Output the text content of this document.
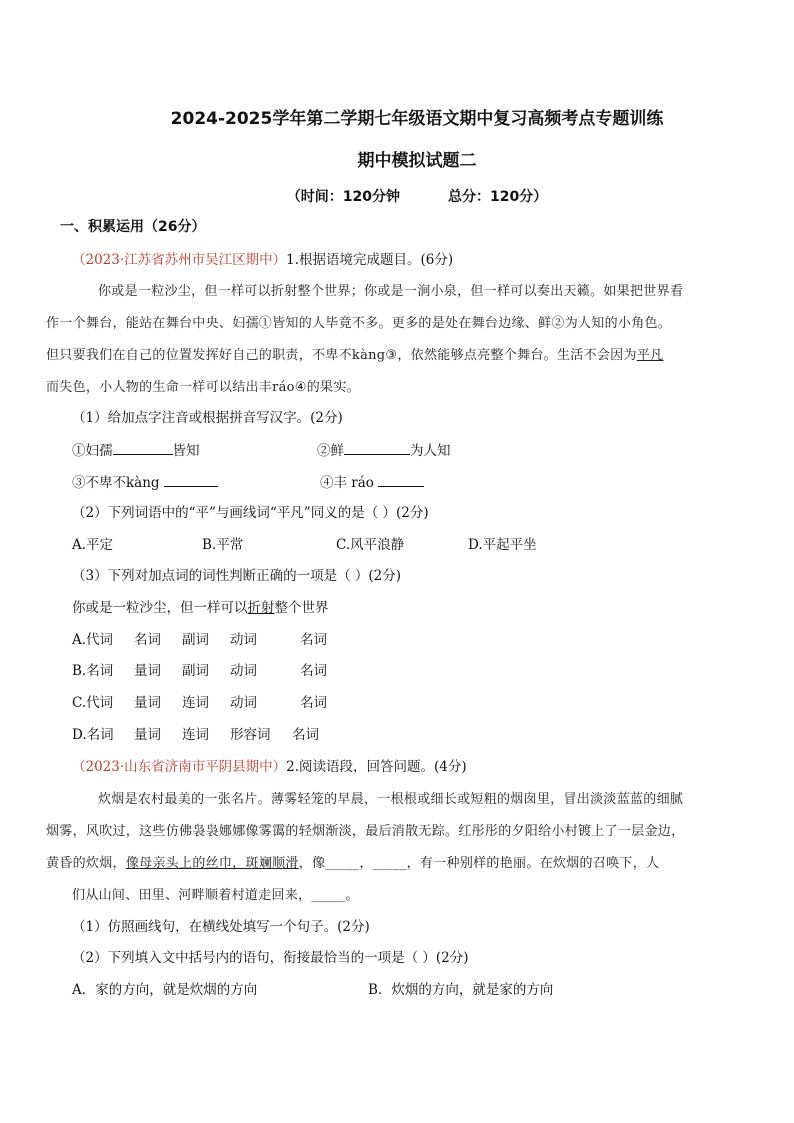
2024-2025学年第二学期七年级语文期中复习高频考点专题训练
期中模拟试题二
（时间：120分钟	总分：120分）
一、积累运用（26分）
（2023·江苏省苏州市吴江区期中）1.根据语境完成题目。(6分)
你或是一粒沙尘，但一样可以折射整个世界；你或是一涧小泉，但一样可以奏出天籁。如果把世界看
作一个舞台，能站在舞台中央、妇孺①皆知的人毕竟不多。更多的是处在舞台边缘、鲜②为人知的小角色。
但只要我们在自己的位置发挥好自己的职责，不卑不kàng③，依然能够点亮整个舞台。生活不会因为平凡
而失色，小人物的生命一样可以结出丰ráo④的果实。
（1）给加点字注音或根据拼音写汉字。(2分)
①妇孺	皆知	②鲜	为人知
③不卑不kàng	④丰 ráo
（2）下列词语中的“平”与画线词“平凡”同义的是（ ）(2分)
A.平定	B.平常	C.风平浪静	D.平起平坐
（3）下列对加点词的词性判断正确的一项是（ ）(2分)
你或是一粒沙尘，但一样可以折射整个世界
A.代词 名词 副词 动词	名词
B.名词 量词 副词 动词	名词
C.代词 量词 连词 动词	名词
D.名词 量词 连词 形容词 名词
（2023·山东省济南市平阴县期中）2.阅读语段，回答问题。(4分)
炊烟是农村最美的一张名片。薄雾轻笼的早晨，一根根或细长或短粗的烟囱里，冒出淡淡蓝蓝的细腻
烟雾，风吹过，这些仿佛袅袅娜娜像雾霭的轻烟渐淡，最后消散无踪。红彤彤的夕阳给小村镀上了一层金边，
黄昏的炊烟，像母亲头上的丝巾，斑斓顺滑，像_____，_____，有一种别样的艳丽。在炊烟的召唤下，人
们从山间、田里、河畔顺着村道走回来，_____。
（1）仿照画线句，在横线处填写一个句子。(2分)
（2）下列填入文中括号内的语句，衔接最恰当的一项是（ ）(2分)
A．家的方向，就是炊烟的方向	B．炊烟的方向，就是家的方向
